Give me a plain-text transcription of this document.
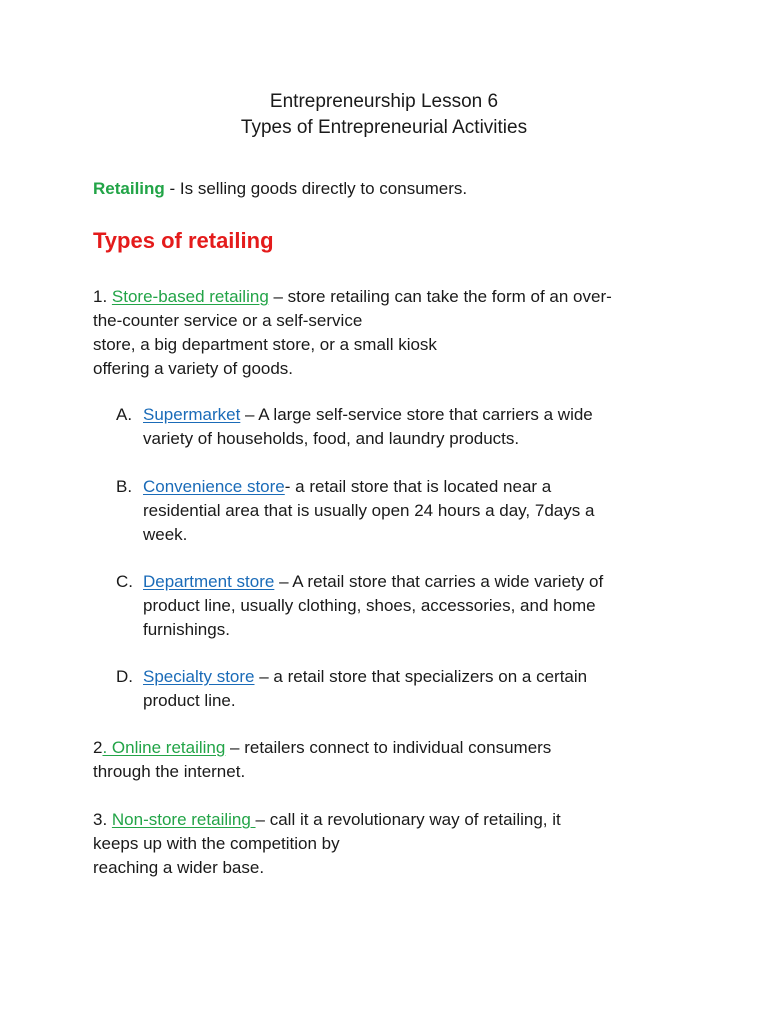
Entrepreneurship Lesson 6
Types of Entrepreneurial Activities
Retailing - Is selling goods directly to consumers.
Types of retailing
1. Store-based retailing – store retailing can take the form of an over-
the-counter service or a self-service
store, a big department store, or a small kiosk
offering a variety of goods.
A. Supermarket – A large self-service store that carriers a wide
variety of households, food, and laundry products.
B. Convenience store- a retail store that is located near a
residential area that is usually open 24 hours a day, 7days a
week.
C. Department store – A retail store that carries a wide variety of
product line, usually clothing, shoes, accessories, and home
furnishings.
D. Specialty store – a retail store that specializers on a certain
product line.
2. Online retailing – retailers connect to individual consumers
through the internet.
3. Non-store retailing – call it a revolutionary way of retailing, it
keeps up with the competition by
reaching a wider base.
